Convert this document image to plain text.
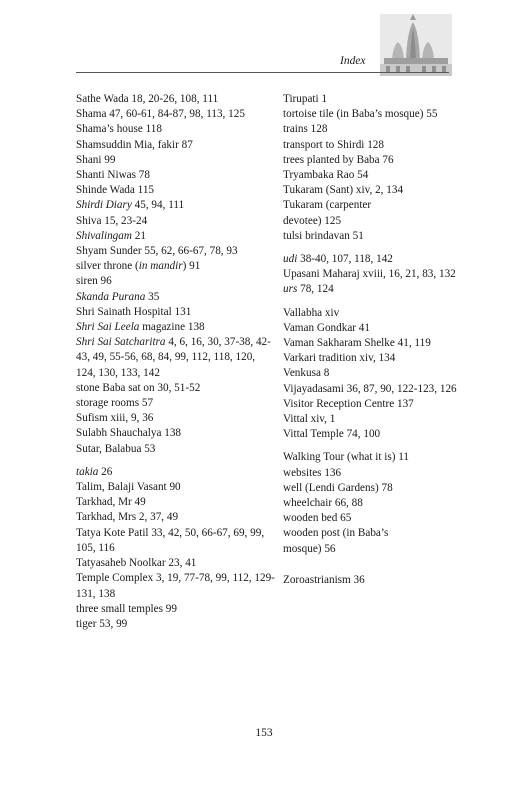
Index
Sathe Wada 18, 20-26, 108, 111
Shama 47, 60-61, 84-87, 98, 113, 125
Shama’s house 118
Shamsuddin Mia, fakir 87
Shani 99
Shanti Niwas 78
Shinde Wada 115
Shirdi Diary 45, 94, 111
Shiva 15, 23-24
Shivalingam 21
Shyam Sunder 55, 62, 66-67, 78, 93
silver throne (in mandir) 91
siren 96
Skanda Purana 35
Shri Sainath Hospital 131
Shri Sai Leela magazine 138
Shri Sai Satcharitra 4, 6, 16, 30, 37-38, 42-43, 49, 55-56, 68, 84, 99, 112, 118, 120, 124, 130, 133, 142
stone Baba sat on 30, 51-52
storage rooms 57
Sufism xiii, 9, 36
Sulabh Shauchalya 138
Sutar, Balabua 53
takia 26
Talim, Balaji Vasant 90
Tarkhad, Mr 49
Tarkhad, Mrs 2, 37, 49
Tatya Kote Patil 33, 42, 50, 66-67, 69, 99, 105, 116
Tatyasaheb Noolkar 23, 41
Temple Complex 3, 19, 77-78, 99, 112, 129-131, 138
three small temples 99
tiger 53, 99
Tirupati 1
tortoise tile (in Baba’s mosque) 55
trains 128
transport to Shirdi 128
trees planted by Baba 76
Tryambaka Rao 54
Tukaram (Sant) xiv, 2, 134
Tukaram (carpenter
devotee) 125
tulsi brindavan 51
udi 38-40, 107, 118, 142
Upasani Maharaj xviii, 16, 21, 83, 132
urs 78, 124
Vallabha xiv
Vaman Gondkar 41
Vaman Sakharam Shelke 41, 119
Varkari tradition xiv, 134
Venkusa 8
Vijayadasami 36, 87, 90, 122-123, 126
Visitor Reception Centre 137
Vittal xiv, 1
Vittal Temple 74, 100
Walking Tour (what it is) 11
websites 136
well (Lendi Gardens) 78
wheelchair 66, 88
wooden bed 65
wooden post (in Baba’s
mosque) 56
Zoroastrianism 36
153
